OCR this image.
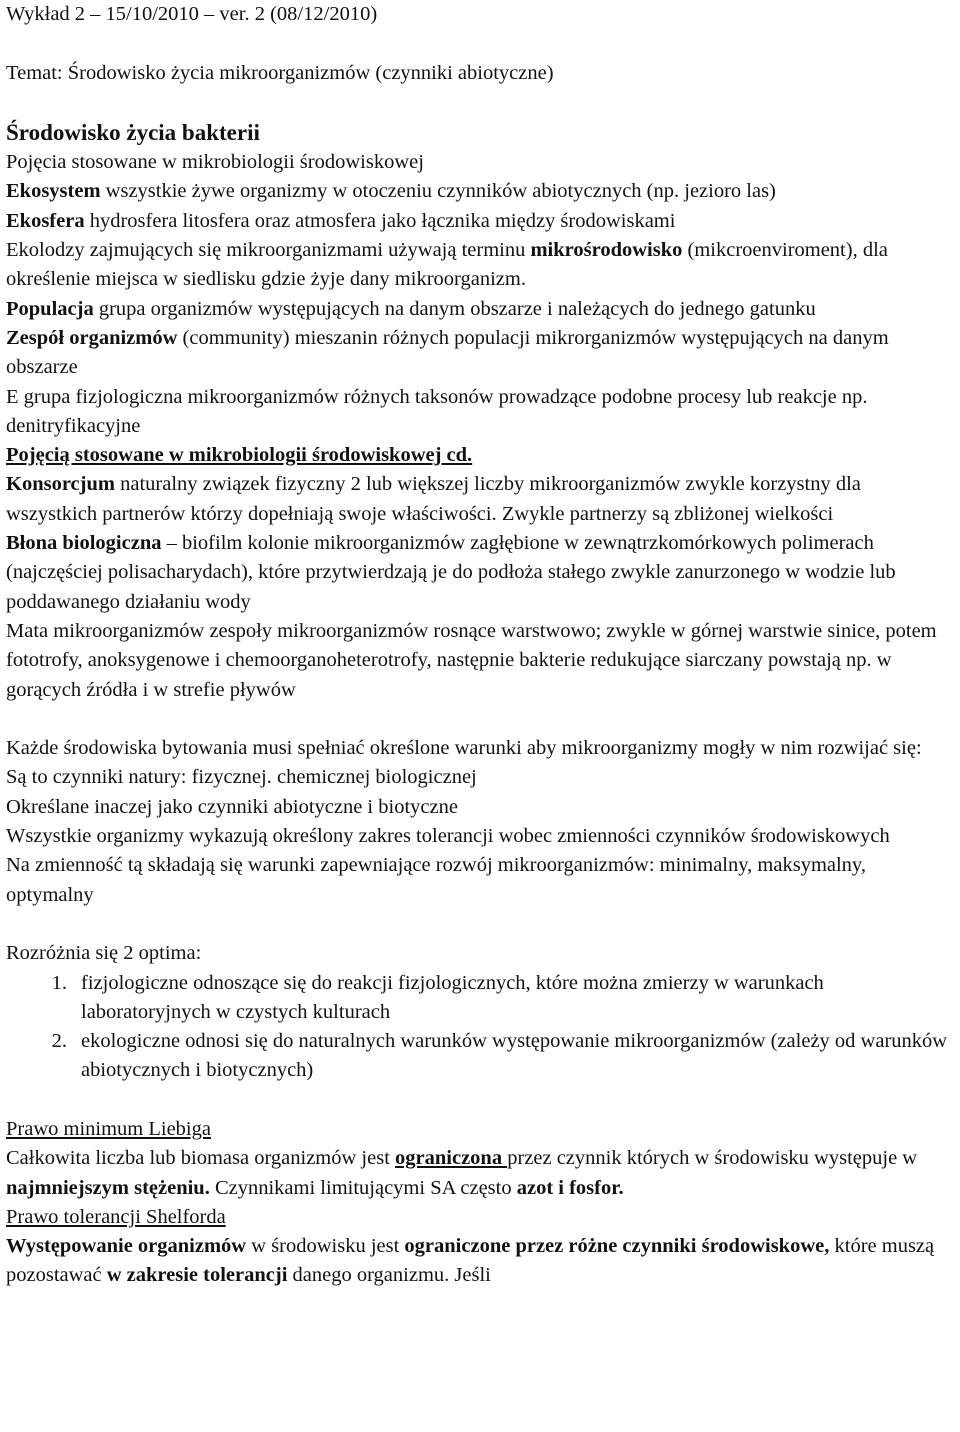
Wykład 2 – 15/10/2010 – ver. 2 (08/12/2010)

Temat: Środowisko życia mikroorganizmów (czynniki abiotyczne)

Środowisko życia bakterii

Pojęcia stosowane w mikrobiologii środowiskowej

Ekosystem wszystkie żywe organizmy w otoczeniu czynników abiotycznych (np. jezioro las)

Ekosfera hydrosfera litosfera oraz atmosfera jako łącznika między środowiskami

Ekolodzy zajmujących się mikroorganizmami używają terminu mikrośrodowisko (mikcroenviroment), dla określenie miejsca w siedlisku gdzie żyje dany mikroorganizm.

Populacja grupa organizmów występujących na danym obszarze i należących do jednego gatunku

Zespół organizmów (community) mieszanin różnych populacji mikrorganizmów występujących na danym obszarze

E grupa fizjologiczna mikroorganizmów różnych taksonów prowadzące podobne procesy lub reakcje np. denitryfikacyjne

Pojęcią stosowane w mikrobiologii środowiskowej cd.

Konsorcjum naturalny związek fizyczny 2 lub większej liczby mikroorganizmów zwykle korzystny dla wszystkich partnerów którzy dopełniają swoje właściwości. Zwykle partnerzy są zbliżonej wielkości

Błona biologiczna – biofilm kolonie mikroorganizmów zagłębione w zewnątrzkomórkowych polimerach (najczęściej polisacharydach), które przytwierdzają je do podłoża stałego zwykle zanurzonego w wodzie lub poddawanego działaniu wody

Mata mikroorganizmów zespoły mikroorganizmów rosnące warstwowo; zwykle w górnej warstwie sinice, potem fototrofy, anoksygenowe i chemoorganoheterotrofy, następnie bakterie redukujące siarczany powstają np. w gorących źródła i w strefie pływów

Każde środowiska bytowania musi spełniać określone warunki aby mikroorganizmy mogły w nim rozwijać się:

Są to czynniki natury: fizycznej. chemicznej biologicznej

Określane inaczej jako czynniki abiotyczne i biotyczne

Wszystkie organizmy wykazują określony zakres tolerancji wobec zmienności czynników środowiskowych

Na zmienność tą składają się warunki zapewniające rozwój mikroorganizmów: minimalny, maksymalny, optymalny

Rozróżnia się 2 optima:

1. fizjologiczne odnoszące się do reakcji fizjologicznych, które można zmierzy w warunkach laboratoryjnych w czystych kulturach
2. ekologiczne odnosi się do naturalnych warunków występowanie mikroorganizmów (zależy od warunków abiotycznych i biotycznych)

Prawo minimum Liebiga

Całkowita liczba lub biomasa organizmów jest ograniczona przez czynnik których w środowisku występuje w najmniejszym stężeniu. Czynnikami limitującymi SA często azot i fosfor.

Prawo tolerancji Shelforda

Występowanie organizmów w środowisku jest ograniczone przez różne czynniki środowiskowe, które muszą pozostawać w zakresie tolerancji danego organizmu. Jeśli
